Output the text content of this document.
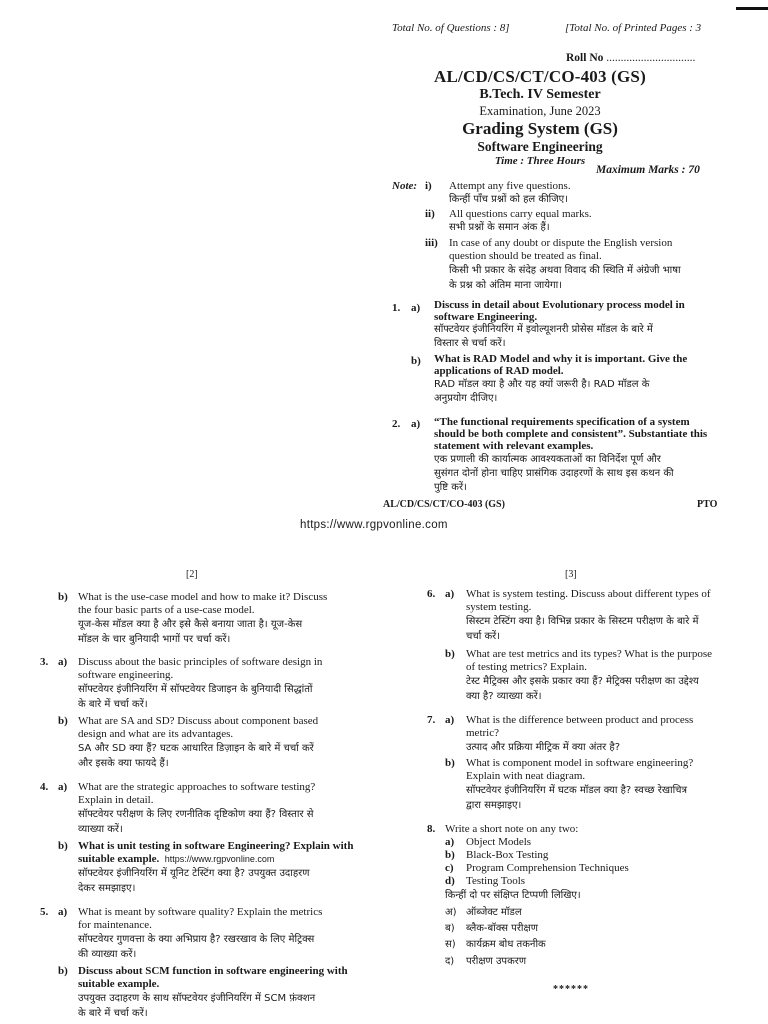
Total No. of Questions : 8]	[Total No. of Printed Pages : 3
Roll No ...............................
AL/CD/CS/CT/CO-403 (GS)
B.Tech. IV Semester
Examination, June 2023
Grading System (GS)
Software Engineering
Time : Three Hours
Maximum Marks : 70
Note: i) Attempt any five questions.
किन्हीं पाँच प्रश्नों को हल कीजिए।
ii) All questions carry equal marks.
सभी प्रश्नों के समान अंक हैं।
iii) In case of any doubt or dispute the English version
question should be treated as final.
किसी भी प्रकार के संदेह अथवा विवाद की स्थिति में अंग्रेजी भाषा
के प्रश्न को अंतिम माना जायेगा।
1. a) Discuss in detail about Evolutionary process model in
software Engineering.
सॉफ्टवेयर इंजीनियरिंग में इवोल्यूशनरी प्रोसेस मॉडल के बारे में
विस्तार से चर्चा करें।
b) What is RAD Model and why it is important. Give the
applications of RAD model.
RAD मॉडल क्या है और यह क्यों जरूरी है। RAD मॉडल के
अनुप्रयोग दीजिए।
2. a) “The functional requirements specification of a system
should be both complete and consistent”. Substantiate this
statement with relevant examples.
एक प्रणाली की कार्यात्मक आवश्यकताओं का विनिर्देश पूर्ण और
सुसंगत दोनों होना चाहिए प्रासंगिक उदाहरणों के साथ इस कथन की
पुष्टि करें।
AL/CD/CS/CT/CO-403 (GS)	PTO
https://www.rgpvonline.com
[2]
b) What is the use-case model and how to make it? Discuss
the four basic parts of a use-case model.
यूज-केस मॉडल क्या है और इसे कैसे बनाया जाता है। यूज-केस
मॉडल के चार बुनियादी भागों पर चर्चा करें।
3. a) Discuss about the basic principles of software design in
software engineering.
सॉफ्टवेयर इंजीनियरिंग में सॉफ्टवेयर डिजाइन के बुनियादी सिद्धांतों
के बारे में चर्चा करें।
b) What are SA and SD? Discuss about component based
design and what are its advantages.
SA और SD क्या हैं? घटक आधारित डिज़ाइन के बारे में चर्चा करें
और इसके क्या फायदे हैं।
4. a) What are the strategic approaches to software testing?
Explain in detail.
सॉफ्टवेयर परीक्षण के लिए रणनीतिक दृष्टिकोण क्या हैं? विस्तार से
व्याख्या करें।
b) What is unit testing in software Engineering? Explain with
suitable example. https://www.rgpvonline.com
सॉफ्टवेयर इंजीनियरिंग में यूनिट टेस्टिंग क्या है? उपयुक्त उदाहरण
देकर समझाइए।
5. a) What is meant by software quality? Explain the metrics
for maintenance.
सॉफ्टवेयर गुणवत्ता के क्या अभिप्राय है? रखरखाव के लिए मेट्रिक्स
की व्याख्या करें।
b) Discuss about SCM function in software engineering with
suitable example.
उपयुक्त उदाहरण के साथ सॉफ्टवेयर इंजीनियरिंग में SCM फ़ंक्शन
के बारे में चर्चा करें।
[3]
6. a) What is system testing. Discuss about different types of
system testing.
सिस्टम टेस्टिंग क्या है। विभिन्न प्रकार के सिस्टम परीक्षण के बारे में
चर्चा करें।
b) What are test metrics and its types? What is the purpose
of testing metrics? Explain.
टेस्ट मैट्रिक्स और इसके प्रकार क्या हैं? मेट्रिक्स परीक्षण का उद्देश्य
क्या है? व्याख्या करें।
7. a) What is the difference between product and process
metric?
उत्पाद और प्रक्रिया मीट्रिक में क्या अंतर है?
b) What is component model in software engineering?
Explain with neat diagram.
सॉफ्टवेयर इंजीनियरिंग में घटक मॉडल क्या है? स्वच्छ रेखाचित्र
द्वारा समझाइए।
8. Write a short note on any two:
a) Object Models
b) Black-Box Testing
c) Program Comprehension Techniques
d) Testing Tools
किन्हीं दो पर संक्षिप्त टिप्पणी लिखिए।
अ) ऑब्जेक्ट मॉडल
ब) ब्लैक-बॉक्स परीक्षण
स) कार्यक्रम बोध तकनीक
द) परीक्षण उपकरण
******
